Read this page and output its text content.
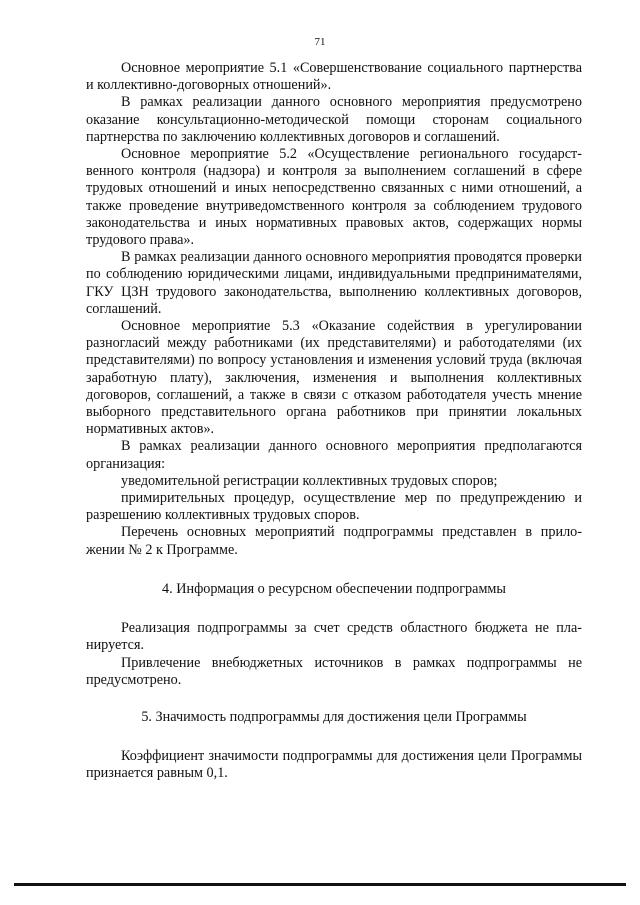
71

Основное мероприятие 5.1 «Совершенствование социального партнерства и коллективно-договорных отношений».

В рамках реализации данного основного мероприятия предусмотрено оказание консультационно-методической помощи сторонам социального партнерства по заключению коллективных договоров и соглашений.

Основное мероприятие 5.2 «Осуществление регионального государственного контроля (надзора) и контроля за выполнением соглашений в сфере трудовых отношений и иных непосредственно связанных с ними отношений, а также проведение внутриведомственного контроля за соблюдением трудового законодательства и иных нормативных правовых актов, содержащих нормы трудового права».

В рамках реализации данного основного мероприятия проводятся проверки по соблюдению юридическими лицами, индивидуальными предпринимателями, ГКУ ЦЗН трудового законодательства, выполнению коллективных договоров, соглашений.

Основное мероприятие 5.3 «Оказание содействия в урегулировании разногласий между работниками (их представителями) и работодателями (их представителями) по вопросу установления и изменения условий труда (включая заработную плату), заключения, изменения и выполнения коллективных договоров, соглашений, а также в связи с отказом работодателя учесть мнение выборного представительного органа работников при принятии локальных нормативных актов».

В рамках реализации данного основного мероприятия предполагаются организация:

уведомительной регистрации коллективных трудовых споров;

примирительных процедур, осуществление мер по предупреждению и разрешению коллективных трудовых споров.

Перечень основных мероприятий подпрограммы представлен в приложении № 2 к Программе.

4. Информация о ресурсном обеспечении подпрограммы

Реализация подпрограммы за счет средств областного бюджета не планируется.

Привлечение внебюджетных источников в рамках подпрограммы не предусмотрено.

5. Значимость подпрограммы для достижения цели Программы

Коэффициент значимости подпрограммы для достижения цели Программы признается равным 0,1.
